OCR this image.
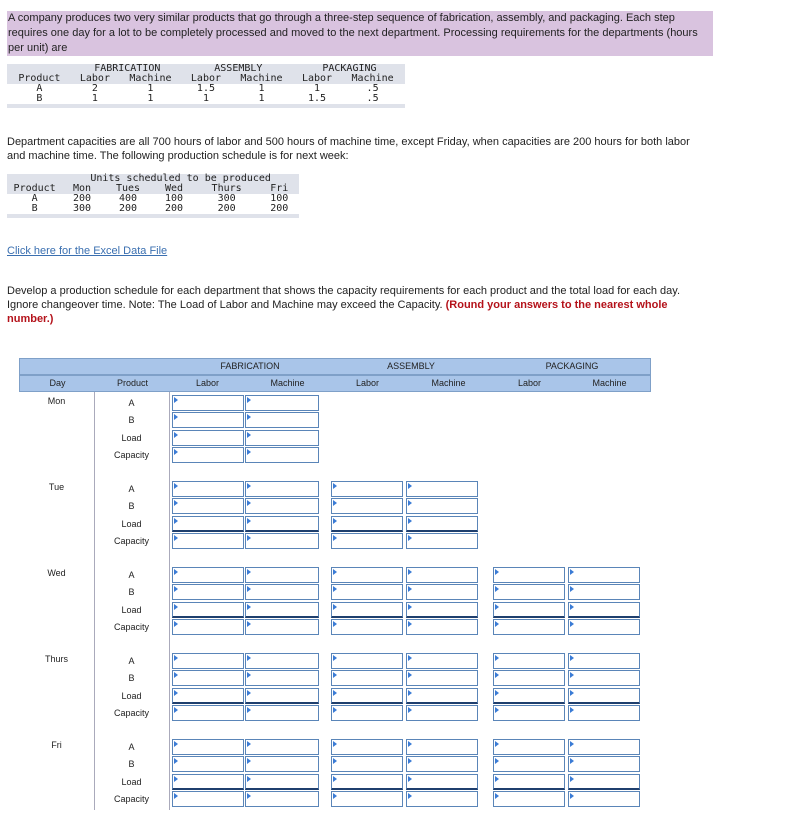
A company produces two very similar products that go through a three-step sequence of fabrication, assembly, and packaging. Each step requires one day for a lot to be completely processed and moved to the next department. Processing requirements for the departments (hours per unit) are
	FABRICATION		ASSEMBLY		PACKAGING	
Product	Labor	Machine	Labor	Machine	Labor	Machine
A	2	1	1.5	1	1	.5
B	1	1	1	1	1.5	.5

Department capacities are all 700 hours of labor and 500 hours of machine time, except Friday, when capacities are 200 hours for both labor and machine time. The following production schedule is for next week:
	Units scheduled to be produced				
Product	Mon	Tues	Wed	Thurs	Fri
A	200	400	100	300	100
B	300	200	200	200	200

Click here for the Excel Data File
Develop a production schedule for each department that shows the capacity requirements for each product and the total load for each day. Ignore changeover time. Note: The Load of Labor and Machine may exceed the Capacity. (Round your answers to the nearest whole number.)
FABRICATION	ASSEMBLY	PACKAGING
Day	Product	Labor	Machine	Labor	Machine	Labor	Machine
Mon	A
B
Load
Capacity
Tue	A
B
Load
Capacity
Wed	A
B
Load
Capacity
Thurs	A
B
Load
Capacity
Fri	A
B
Load
Capacity
